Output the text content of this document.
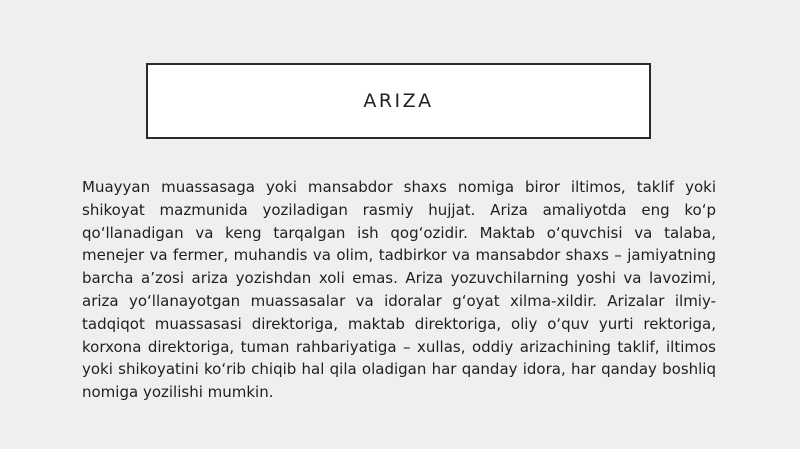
ARIZA

Muayyan muassasaga yoki mansabdor shaxs nomiga biror iltimos, taklif yoki shikoyat mazmunida yoziladigan rasmiy hujjat. Ariza amaliyotda eng ko‘p qo‘llanadigan va keng tarqalgan ish qog‘ozidir. Maktab o‘quvchisi va talaba, menejer va fermer, muhandis va olim, tadbirkor va mansabdor shaxs – jamiyatning barcha a’zosi ariza yozishdan xoli emas. Ariza yozuvchilarning yoshi va lavozimi, ariza yo‘llanayotgan muassasalar va idoralar g‘oyat xilma-xildir. Arizalar ilmiy-tadqiqot muassasasi direktoriga, maktab direktoriga, oliy o‘quv yurti rektoriga, korxona direktoriga, tuman rahbariyatiga – xullas, oddiy arizachining taklif, iltimos yoki shikoyatini ko‘rib chiqib hal qila oladigan har qanday idora, har qanday boshliq nomiga yozilishi mumkin.
